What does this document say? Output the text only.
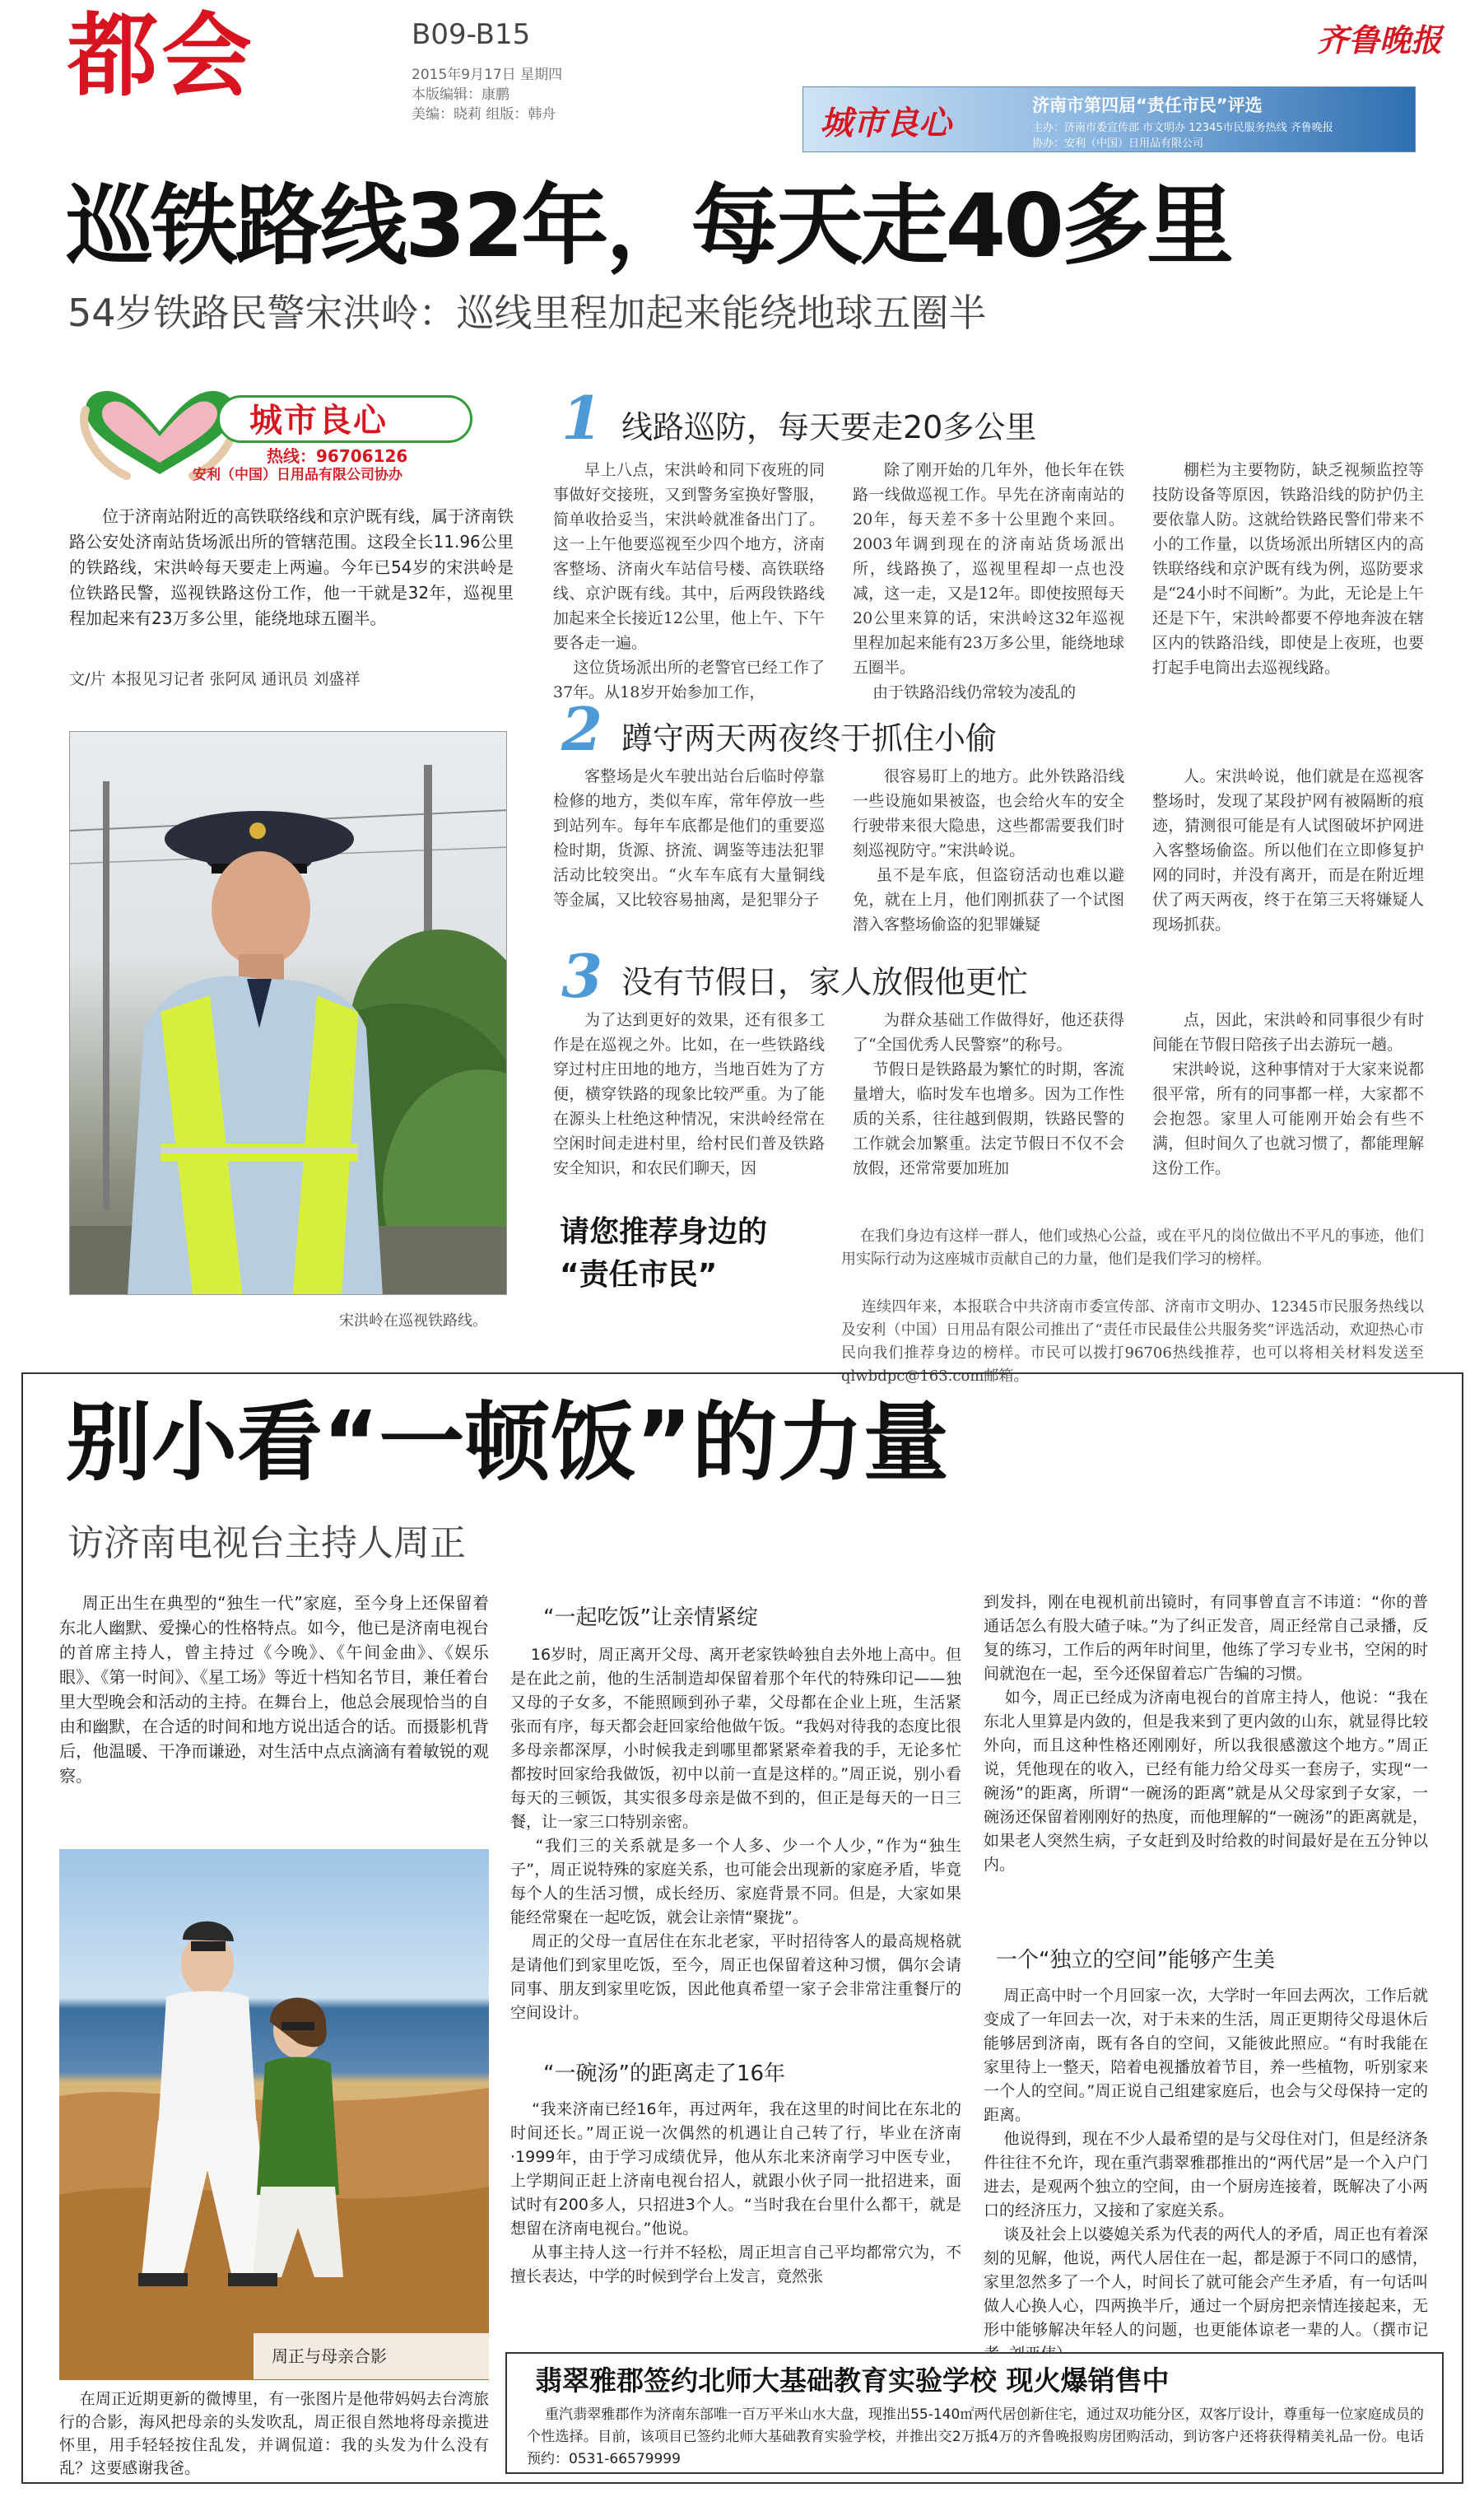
都会	B09-B15
2015年9月17日 星期四
本版编辑：康鹏
美编：晓莉 组版：韩舟
齐鲁晚报
城市良心	济南市第四届“责任市民”评选
主办：济南市委宣传部 市文明办 12345市民服务热线 齐鲁晚报
协办：安利（中国）日用品有限公司
巡铁路线32年，每天走40多里
54岁铁路民警宋洪岭：巡线里程加起来能绕地球五圈半
城市良心
热线：96706126
安利（中国）日用品有限公司协办
位于济南站附近的高铁联络线和京沪既有线，属于济南铁路公安处济南站货场派出所的管辖范围。这段全长11.96公里的铁路线，宋洪岭每天要走上两遍。今年已54岁的宋洪岭是位铁路民警，巡视铁路这份工作，他一干就是32年，巡视里程加起来有23万多公里，能绕地球五圈半。
文/片 本报见习记者 张阿凤 通讯员 刘盛祥
宋洪岭在巡视铁路线。
1 线路巡防，每天要走20多公里
早上八点，宋洪岭和同下夜班的同事做好交接班，又到警务室换好警服，简单收拾妥当，宋洪岭就准备出门了。这一上午他要巡视至少四个地方，济南客整场、济南火车站信号楼、高铁联络线、京沪既有线。其中，后两段铁路线加起来全长接近12公里，他上午、下午要各走一遍。
这位货场派出所的老警官已经工作了37年。从18岁开始参加工作，
除了刚开始的几年外，他长年在铁路一线做巡视工作。早先在济南南站的20年，每天差不多十公里跑个来回。2003年调到现在的济南站货场派出所，线路换了，巡视里程却一点也没减，这一走，又是12年。即使按照每天20公里来算的话，宋洪岭这32年巡视里程加起来能有23万多公里，能绕地球五圈半。
由于铁路沿线仍常较为凌乱的
棚栏为主要物防，缺乏视频监控等技防设备等原因，铁路沿线的防护仍主要依靠人防。这就给铁路民警们带来不小的工作量，以货场派出所辖区内的高铁联络线和京沪既有线为例，巡防要求是“24小时不间断”。为此，无论是上午还是下午，宋洪岭都要不停地奔波在辖区内的铁路沿线，即使是上夜班，也要打起手电筒出去巡视线路。
2 蹲守两天两夜终于抓住小偷
客整场是火车驶出站台后临时停靠检修的地方，类似车库，常年停放一些到站列车。每年车底都是他们的重要巡检时期，货源、挤流、调鉴等违法犯罪活动比较突出。“火车车底有大量铜线等金属，又比较容易抽离，是犯罪分子
很容易盯上的地方。此外铁路沿线一些设施如果被盗，也会给火车的安全行驶带来很大隐患，这些都需要我们时刻巡视防守。”宋洪岭说。
虽不是车底，但盗窃活动也难以避免，就在上月，他们刚抓获了一个试图潜入客整场偷盗的犯罪嫌疑
人。宋洪岭说，他们就是在巡视客整场时，发现了某段护网有被隔断的痕迹，猜测很可能是有人试图破坏护网进入客整场偷盗。所以他们在立即修复护网的同时，并没有离开，而是在附近埋伏了两天两夜，终于在第三天将嫌疑人现场抓获。
3 没有节假日，家人放假他更忙
为了达到更好的效果，还有很多工作是在巡视之外。比如，在一些铁路线穿过村庄田地的地方，当地百姓为了方便，横穿铁路的现象比较严重。为了能在源头上杜绝这种情况，宋洪岭经常在空闲时间走进村里，给村民们普及铁路安全知识，和农民们聊天，因
为群众基础工作做得好，他还获得了“全国优秀人民警察”的称号。
节假日是铁路最为繁忙的时期，客流量增大，临时发车也增多。因为工作性质的关系，往往越到假期，铁路民警的工作就会加繁重。法定节假日不仅不会放假，还常常要加班加
点，因此，宋洪岭和同事很少有时间能在节假日陪孩子出去游玩一趟。
宋洪岭说，这种事情对于大家来说都很平常，所有的同事都一样，大家都不会抱怨。家里人可能刚开始会有些不满，但时间久了也就习惯了，都能理解这份工作。
请您推荐身边的
“责任市民”
在我们身边有这样一群人，他们或热心公益，或在平凡的岗位做出不平凡的事迹，他们用实际行动为这座城市贡献自己的力量，他们是我们学习的榜样。
连续四年来，本报联合中共济南市委宣传部、济南市文明办、12345市民服务热线以及安利（中国）日用品有限公司推出了“责任市民最佳公共服务奖”评选活动，欢迎热心市民向我们推荐身边的榜样。市民可以拨打96706热线推荐，也可以将相关材料发送至qlwbdpc@163.com邮箱。
别小看“一顿饭”的力量
访济南电视台主持人周正
周正出生在典型的“独生一代”家庭，至今身上还保留着东北人幽默、爱操心的性格特点。如今，他已是济南电视台的首席主持人，曾主持过《今晚》、《午间金曲》、《娱乐眼》、《第一时间》、《星工场》等近十档知名节目，兼任着台里大型晚会和活动的主持。在舞台上，他总会展现恰当的自由和幽默，在合适的时间和地方说出适合的话。而摄影机背后，他温暖、干净而谦逊，对生活中点点滴滴有着敏锐的观察。
周正与母亲合影
在周正近期更新的微博里，有一张图片是他带妈妈去台湾旅行的合影，海风把母亲的头发吹乱，周正很自然地将母亲揽进怀里，用手轻轻按住乱发，并调侃道：我的头发为什么没有乱？这要感谢我爸。
“一起吃饭”让亲情紧绽
16岁时，周正离开父母、离开老家铁岭独自去外地上高中。但是在此之前，他的生活制造却保留着那个年代的特殊印记——独又母的子女多，不能照顾到孙子辈，父母都在企业上班，生活紧张而有序，每天都会赶回家给他做午饭。“我妈对待我的态度比很多母亲都深厚，小时候我走到哪里都紧紧牵着我的手，无论多忙都按时回家给我做饭，初中以前一直是这样的。”周正说，别小看每天的三顿饭，其实很多母亲是做不到的，但正是每天的一日三餐，让一家三口特别亲密。
“我们三的关系就是多一个人多、少一个人少，”作为“独生子”，周正说特殊的家庭关系，也可能会出现新的家庭矛盾，毕竟每个人的生活习惯，成长经历、家庭背景不同。但是，大家如果能经常聚在一起吃饭，就会让亲情“聚拢”。
周正的父母一直居住在东北老家，平时招待客人的最高规格就是请他们到家里吃饭，至今，周正也保留着这种习惯，偶尔会请同事、朋友到家里吃饭，因此他真希望一家子会非常注重餐厅的空间设计。
“一碗汤”的距离走了16年
“我来济南已经16年，再过两年，我在这里的时间比在东北的时间还长。”周正说一次偶然的机遇让自己转了行，毕业在济南·1999年，由于学习成绩优异，他从东北来济南学习中医专业，上学期间正赶上济南电视台招人，就跟小伙子同一批招进来，面试时有200多人，只招进3个人。“当时我在台里什么都干，就是想留在济南电视台。”他说。
从事主持人这一行并不轻松，周正坦言自己平均都常穴为，不擅长表达，中学的时候到学台上发言，竟然张
到发抖，刚在电视机前出镜时，有同事曾直言不讳道：“你的普通话怎么有股大碴子味。”为了纠正发音，周正经常自己录播，反复的练习，工作后的两年时间里，他练了学习专业书，空闲的时间就泡在一起，至今还保留着忘广告编的习惯。
如今，周正已经成为济南电视台的首席主持人，他说：“我在东北人里算是内敛的，但是我来到了更内敛的山东，就显得比较外向，而且这种性格还刚刚好，所以我很感激这个地方。”周正说，凭他现在的收入，已经有能力给父母买一套房子，实现“一碗汤”的距离，所谓“一碗汤的距离”就是从父母家到子女家，一碗汤还保留着刚刚好的热度，而他理解的“一碗汤”的距离就是，如果老人突然生病，子女赶到及时给救的时间最好是在五分钟以内。
一个“独立的空间”能够产生美
周正高中时一个月回家一次，大学时一年回去两次，工作后就变成了一年回去一次，对于未来的生活，周正更期待父母退休后能够居到济南，既有各自的空间，又能彼此照应。“有时我能在家里待上一整天，陪着电视播放着节目，养一些植物，听别家来一个人的空间。”周正说自己组建家庭后，也会与父母保持一定的距离。
他说得到，现在不少人最希望的是与父母住对门，但是经济条件往往不允许，现在重汽翡翠雅郡推出的“两代居”是一个入户门进去，是观两个独立的空间，由一个厨房连接着，既解决了小两口的经济压力，又接和了家庭关系。
谈及社会上以婆媳关系为代表的两代人的矛盾，周正也有着深刻的见解，他说，两代人居住在一起，都是源于不同口的感情，家里忽然多了一个人，时间长了就可能会产生矛盾，有一句话叫做人心换人心，四两换半斤，通过一个厨房把亲情连接起来，无形中能够解决年轻人的问题，也更能体谅老一辈的人。（撰市记
翡翠雅郡签约北师大基础教育实验学校 现火爆销售中
重汽翡翠雅郡作为济南东部唯一百万平米山水大盘，现推出55-140㎡两代居创新住宅，通过双功能分区，双客厅设计，尊重每一位家庭成员的个性选择。目前，该项目已签约北师大基础教育实验学校，并推出交2万抵4万的齐鲁晚报购房团购活动，到访客户还将获得精美礼品一份。电话预约：0531-66579999
